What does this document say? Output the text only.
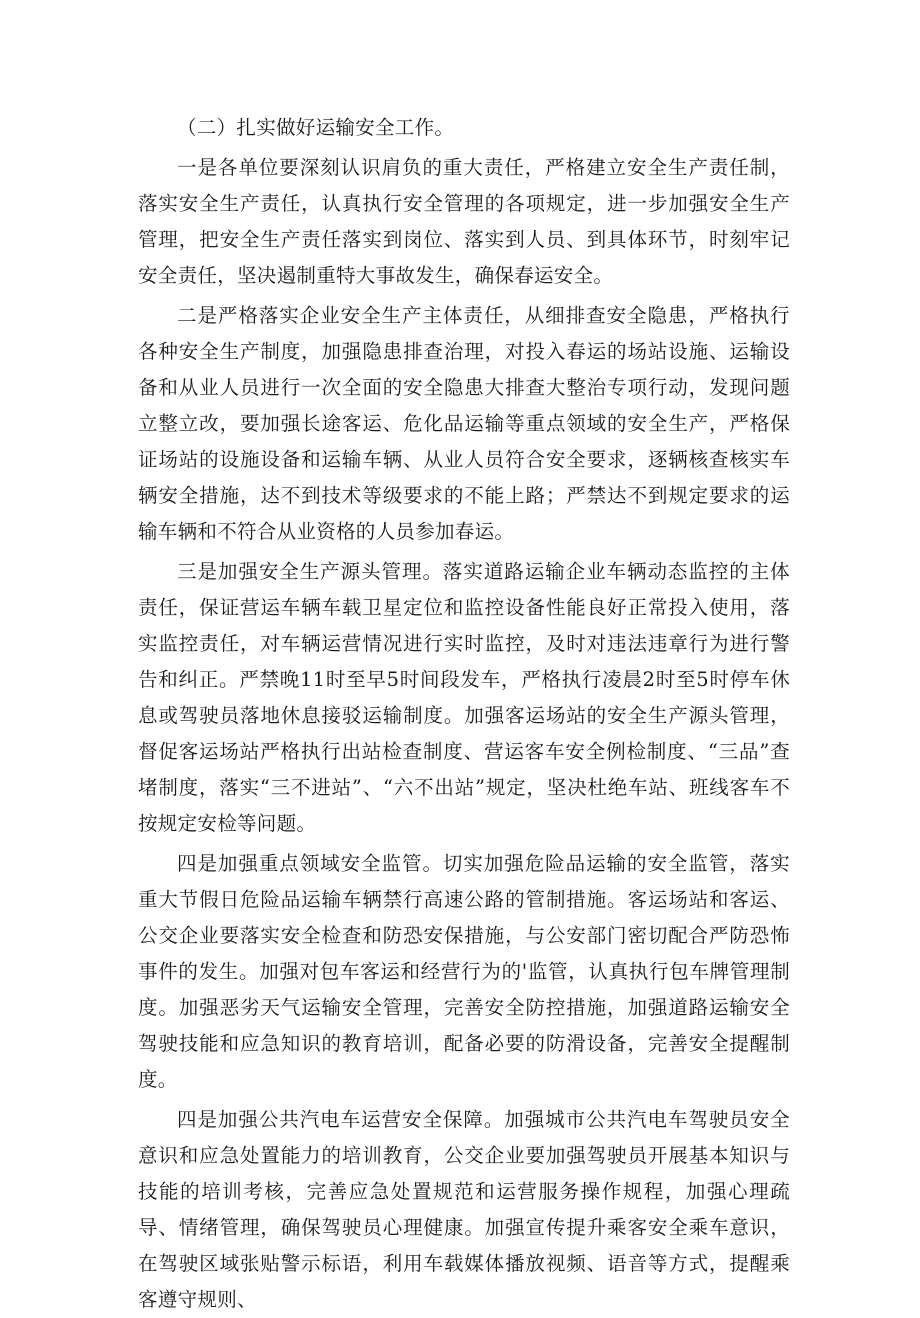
（二）扎实做好运输安全工作。

一是各单位要深刻认识肩负的重大责任，严格建立安全生产责任制，落实安全生产责任，认真执行安全管理的各项规定，进一步加强安全生产管理，把安全生产责任落实到岗位、落实到人员、到具体环节，时刻牢记安全责任，坚决遏制重特大事故发生，确保春运安全。

二是严格落实企业安全生产主体责任，从细排查安全隐患，严格执行各种安全生产制度，加强隐患排查治理，对投入春运的场站设施、运输设备和从业人员进行一次全面的安全隐患大排查大整治专项行动，发现问题立整立改，要加强长途客运、危化品运输等重点领域的安全生产，严格保证场站的设施设备和运输车辆、从业人员符合安全要求，逐辆核查核实车辆安全措施，达不到技术等级要求的不能上路；严禁达不到规定要求的运输车辆和不符合从业资格的人员参加春运。

三是加强安全生产源头管理。落实道路运输企业车辆动态监控的主体责任，保证营运车辆车载卫星定位和监控设备性能良好正常投入使用，落实监控责任，对车辆运营情况进行实时监控，及时对违法违章行为进行警告和纠正。严禁晚11时至早5时间段发车，严格执行凌晨2时至5时停车休息或驾驶员落地休息接驳运输制度。加强客运场站的安全生产源头管理，督促客运场站严格执行出站检查制度、营运客车安全例检制度、“三品”查堵制度，落实“三不进站”、“六不出站”规定，坚决杜绝车站、班线客车不按规定安检等问题。

四是加强重点领域安全监管。切实加强危险品运输的安全监管，落实重大节假日危险品运输车辆禁行高速公路的管制措施。客运场站和客运、公交企业要落实安全检查和防恐安保措施，与公安部门密切配合严防恐怖事件的发生。加强对包车客运和经营行为的'监管，认真执行包车牌管理制度。加强恶劣天气运输安全管理，完善安全防控措施，加强道路运输安全驾驶技能和应急知识的教育培训，配备必要的防滑设备，完善安全提醒制度。

四是加强公共汽电车运营安全保障。加强城市公共汽电车驾驶员安全意识和应急处置能力的培训教育，公交企业要加强驾驶员开展基本知识与技能的培训考核，完善应急处置规范和运营服务操作规程，加强心理疏导、情绪管理，确保驾驶员心理健康。加强宣传提升乘客安全乘车意识，在驾驶区域张贴警示标语，利用车载媒体播放视频、语音等方式，提醒乘客遵守规则、
